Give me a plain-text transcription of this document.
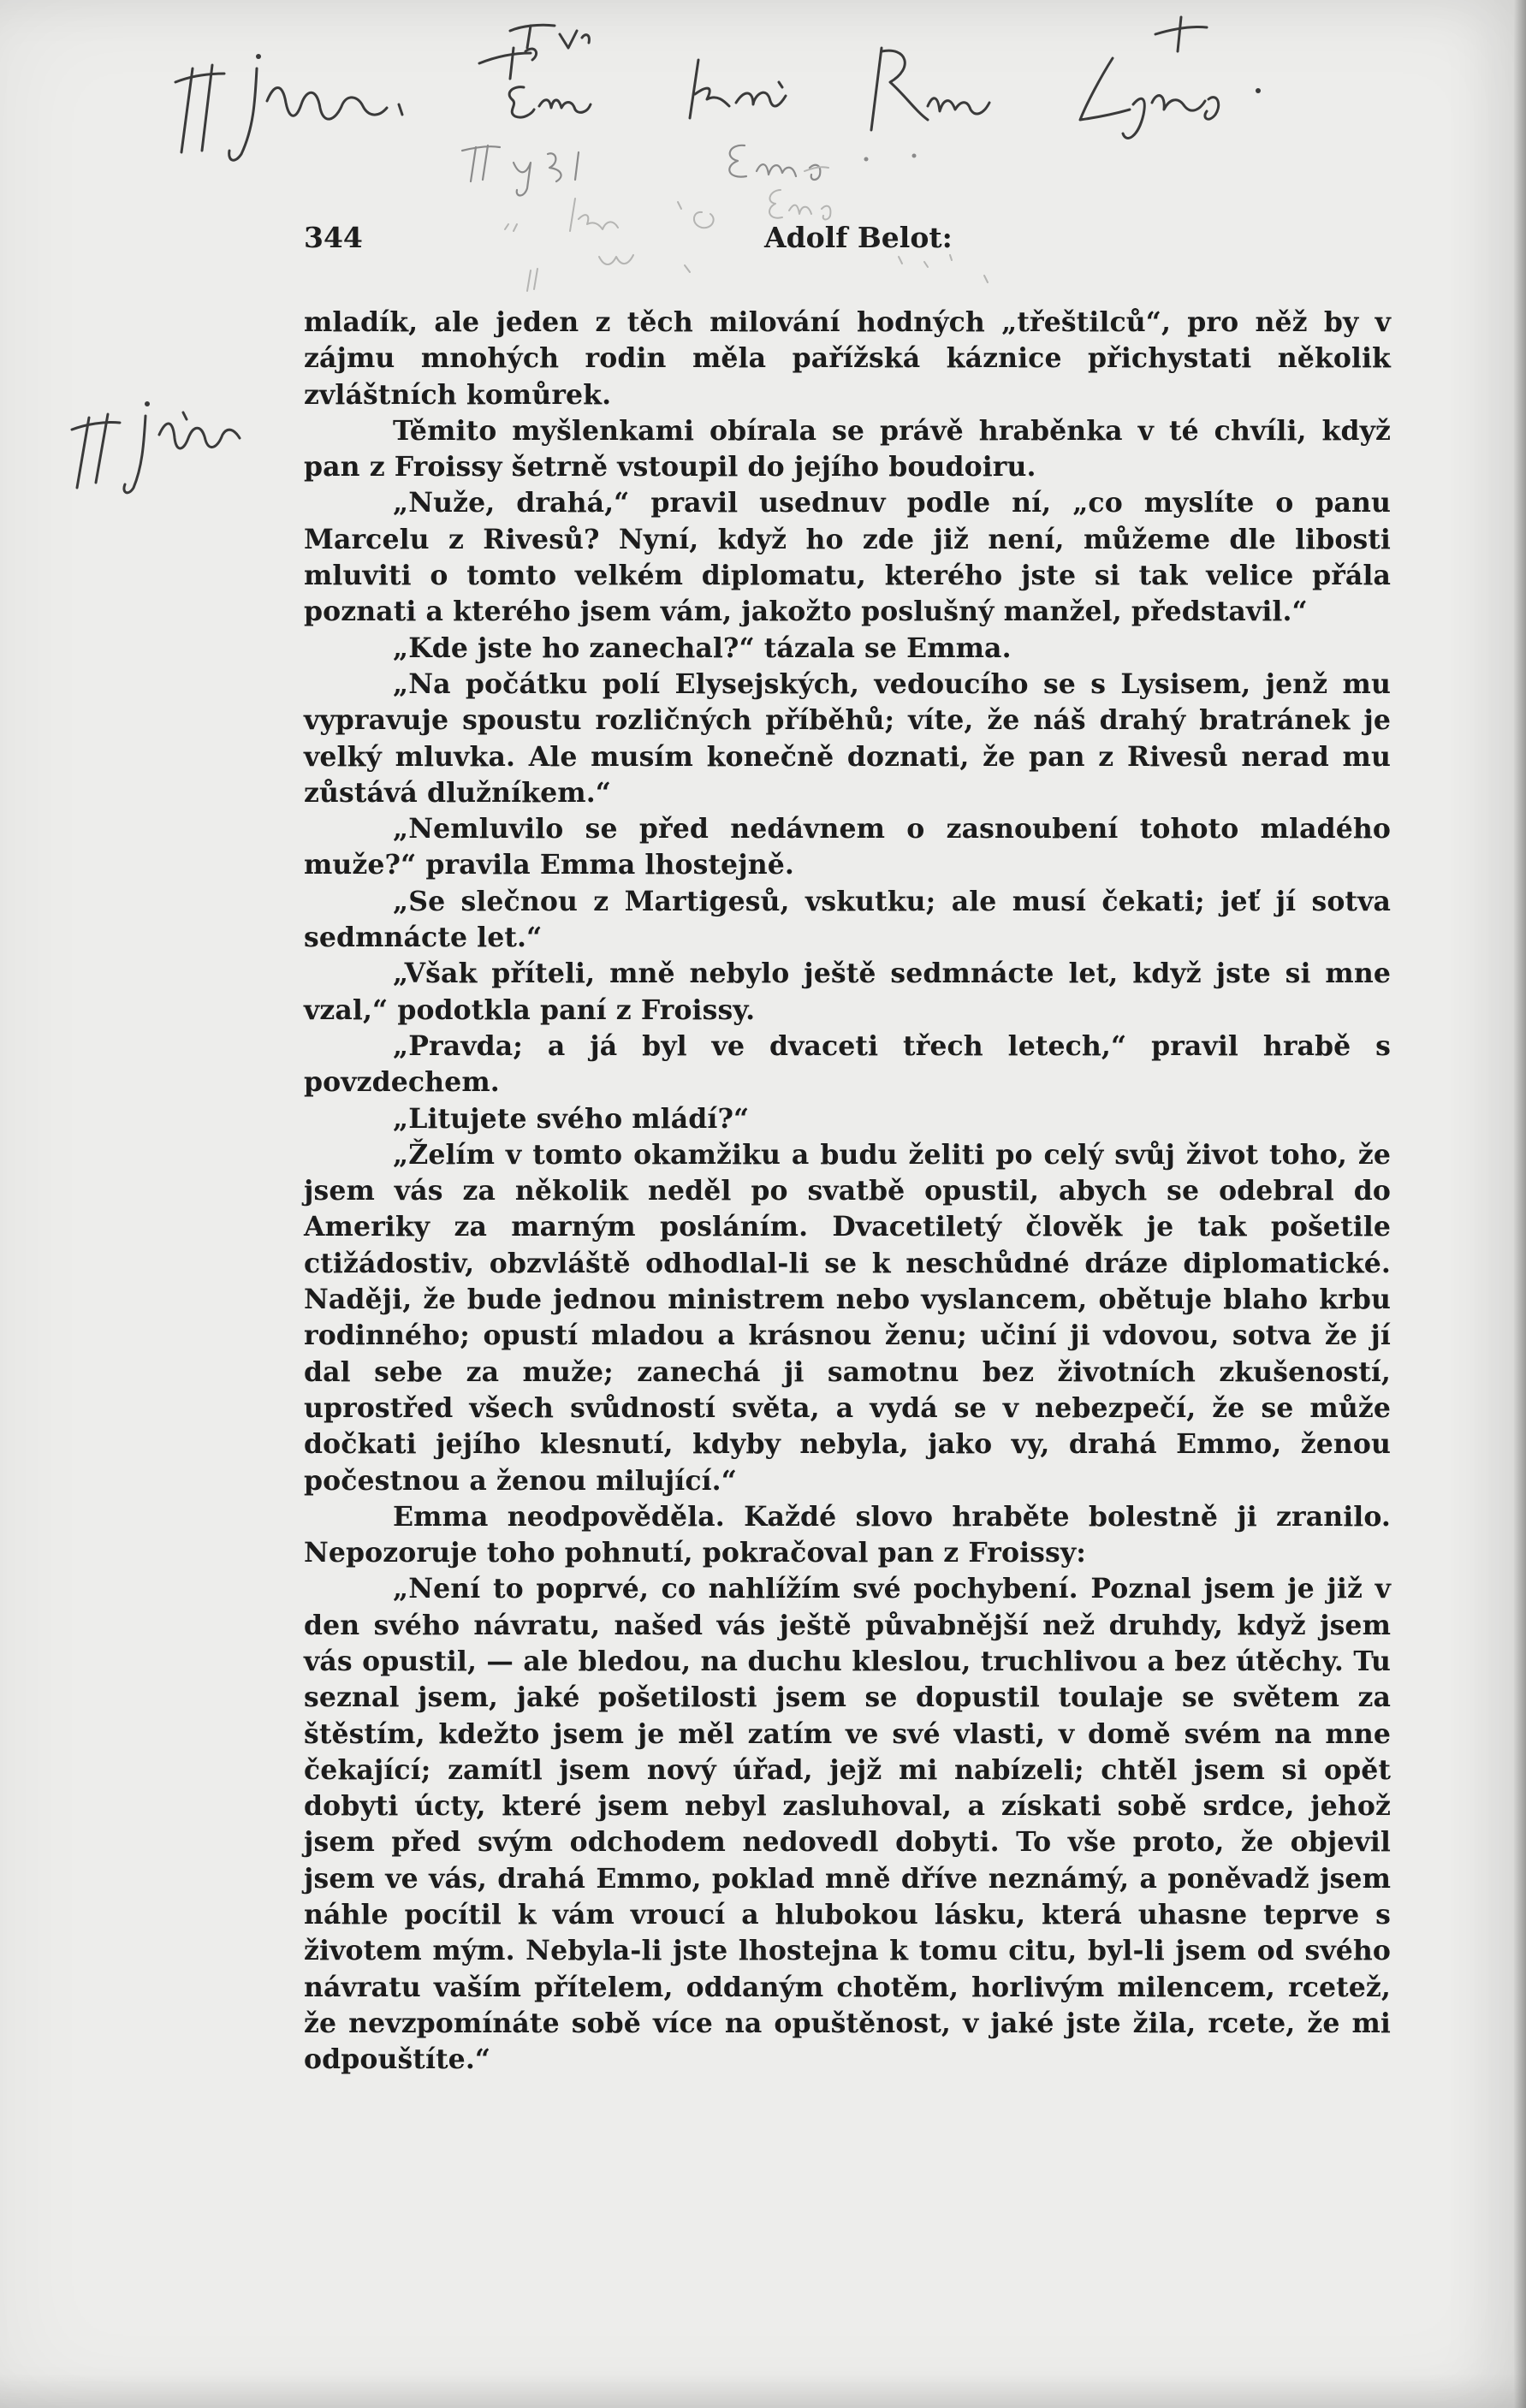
344	Adolf Belot:

mladík, ale jeden z těch milování hodných „třeštilců“, pro něž by v zájmu mnohých rodin měla pařížská káznice přichystati několik zvláštních komůrek.

Těmito myšlenkami obírala se právě hraběnka v té chvíli, když pan z Froissy šetrně vstoupil do jejího boudoiru.

„Nuže, drahá,“ pravil usednuv podle ní, „co myslíte o panu Marcelu z Rivesů? Nyní, když ho zde již není, můžeme dle libosti mluviti o tomto velkém diplomatu, kterého jste si tak velice přála poznati a kterého jsem vám, jakožto poslušný manžel, představil.“

„Kde jste ho zanechal?“ tázala se Emma.

„Na počátku polí Elysejských, vedoucího se s Lysisem, jenž mu vypravuje spoustu rozličných příběhů; víte, že náš drahý bratránek je velký mluvka. Ale musím konečně doznati, že pan z Rivesů nerad mu zůstává dlužníkem.“

„Nemluvilo se před nedávnem o zasnoubení tohoto mladého muže?“ pravila Emma lhostejně.

„Se slečnou z Martigesů, vskutku; ale musí čekati; jeť jí sotva sedmnácte let.“

„Však příteli, mně nebylo ještě sedmnácte let, když jste si mne vzal,“ podotkla paní z Froissy.

„Pravda; a já byl ve dvaceti třech letech,“ pravil hrabě s povzdechem.

„Litujete svého mládí?“

„Želím v tomto okamžiku a budu želiti po celý svůj život toho, že jsem vás za několik neděl po svatbě opustil, abych se odebral do Ameriky za marným posláním. Dvacetiletý člověk je tak pošetile ctižádostiv, obzvláště odhodlal-li se k neschůdné dráze diplomatické. Naději, že bude jednou ministrem nebo vyslancem, obětuje blaho krbu rodinného; opustí mladou a krásnou ženu; učiní ji vdovou, sotva že jí dal sebe za muže; zanechá ji samotnu bez životních zkušeností, uprostřed všech svůdností světa, a vydá se v nebezpečí, že se může dočkati jejího klesnutí, kdyby nebyla, jako vy, drahá Emmo, ženou počestnou a ženou milující.“

Emma neodpověděla. Každé slovo hraběte bolestně ji zranilo. Nepozoruje toho pohnutí, pokračoval pan z Froissy:

„Není to poprvé, co nahlížím své pochybení. Poznal jsem je již v den svého návratu, našed vás ještě půvabnější než druhdy, když jsem vás opustil, — ale bledou, na duchu kleslou, truchlivou a bez útěchy. Tu seznal jsem, jaké pošetilosti jsem se dopustil toulaje se světem za štěstím, kdežto jsem je měl zatím ve své vlasti, v domě svém na mne čekající; zamítl jsem nový úřad, jejž mi nabízeli; chtěl jsem si opět dobyti úcty, které jsem nebyl zasluhoval, a získati sobě srdce, jehož jsem před svým odchodem nedovedl dobyti. To vše proto, že objevil jsem ve vás, drahá Emmo, poklad mně dříve neznámý, a poněvadž jsem náhle pocítil k vám vroucí a hlubokou lásku, která uhasne teprve s životem mým. Nebyla-li jste lhostejna k tomu citu, byl-li jsem od svého návratu vaším přítelem, oddaným chotěm, horlivým milencem, rcetež, že nevzpomínáte sobě více na opuštěnost, v jaké jste žila, rcete, že mi odpouštíte.“
